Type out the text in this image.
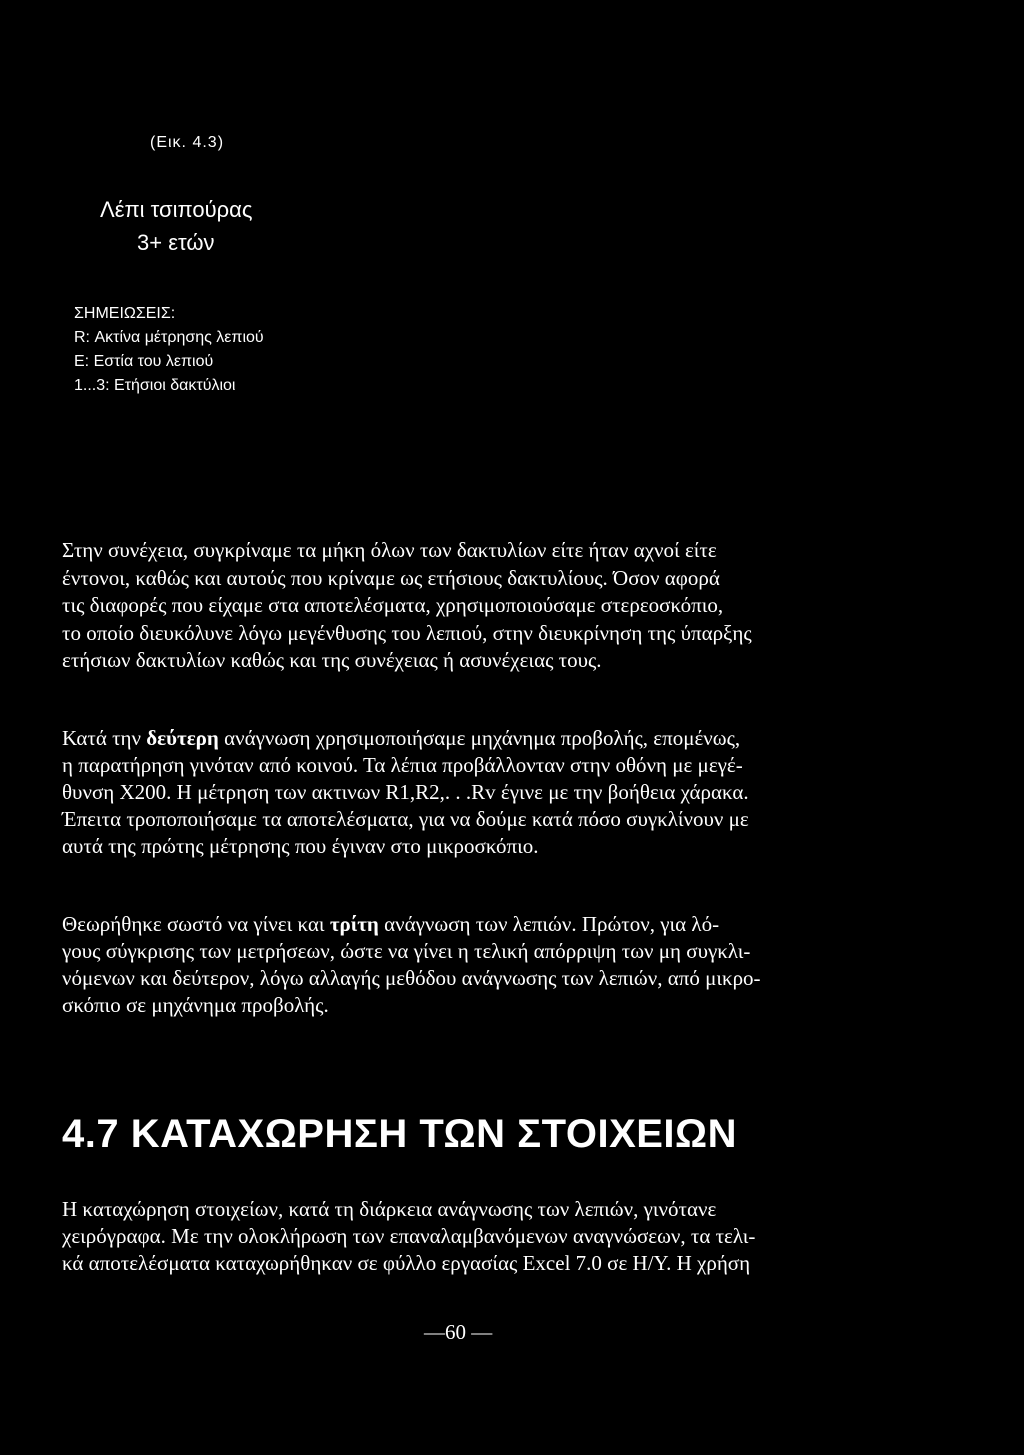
(Εικ. 4.3)
Λέπι τσιπούρας
3+ ετών
ΣΗΜΕΙΩΣΕΙΣ:
R: Ακτίνα μέτρησης λεπιού
Ε: Εστία του λεπιού
1...3: Ετήσιοι δακτύλιοι
Στην συνέχεια, συγκρίναμε τα μήκη όλων των δακτυλίων είτε ήταν αχνοί είτε
έντονοι, καθώς και αυτούς που κρίναμε ως ετήσιους δακτυλίους. Όσον αφορά
τις διαφορές που είχαμε στα αποτελέσματα, χρησιμοποιούσαμε στερεοσκόπιο,
το οποίο διευκόλυνε λόγω μεγένθυσης του λεπιού, στην διευκρίνηση της ύπαρξης
ετήσιων δακτυλίων καθώς και της συνέχειας ή ασυνέχειας τους.
Κατά την δεύτερη ανάγνωση χρησιμοποιήσαμε μηχάνημα προβολής, επομένως,
η παρατήρηση γινόταν από κοινού. Τα λέπια προβάλλονταν στην οθόνη με μεγέ-
θυνση Χ200. Η μέτρηση των ακτινων R1,R2,. . .Rv έγινε με την βοήθεια χάρακα.
Έπειτα τροποποιήσαμε τα αποτελέσματα, για να δούμε κατά πόσο συγκλίνουν με
αυτά της πρώτης μέτρησης που έγιναν στο μικροσκόπιο.
Θεωρήθηκε σωστό να γίνει και τρίτη ανάγνωση των λεπιών. Πρώτον, για λό-
γους σύγκρισης των μετρήσεων, ώστε να γίνει η τελική απόρριψη των μη συγκλι-
νόμενων και δεύτερον, λόγω αλλαγής μεθόδου ανάγνωσης των λεπιών, από μικρο-
σκόπιο σε μηχάνημα προβολής.
4.7 ΚΑΤΑΧΩΡΗΣΗ ΤΩΝ ΣΤΟΙΧΕΙΩΝ
Η καταχώρηση στοιχείων, κατά τη διάρκεια ανάγνωσης των λεπιών, γινότανε
χειρόγραφα. Με την ολοκλήρωση των επαναλαμβανόμενων αναγνώσεων, τα τελι-
κά αποτελέσματα καταχωρήθηκαν σε φύλλο εργασίας Excel 7.0 σε Η/Υ. Η χρήση
—60 —
